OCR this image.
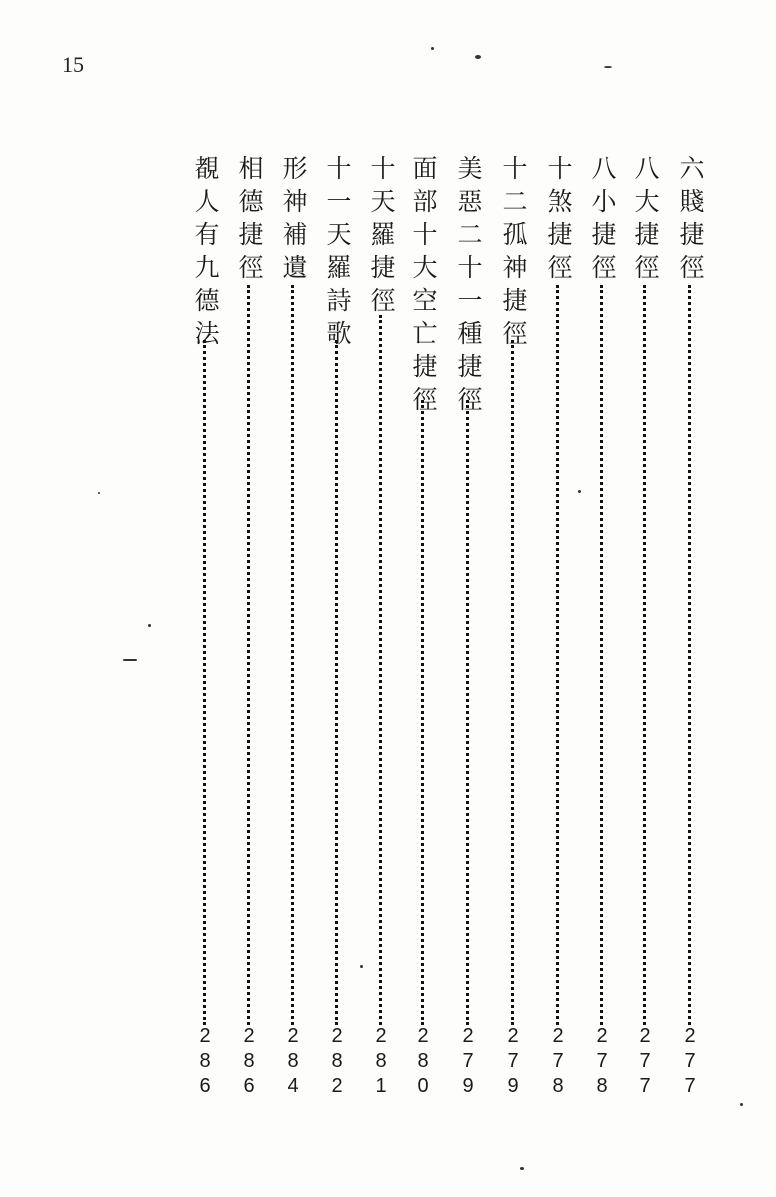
15
六賤捷徑
277
八大捷徑
277
八小捷徑
278
十煞捷徑
278
十二孤神捷徑
279
美惡二十一種捷徑
279
面部十大空亡捷徑
280
十天羅捷徑
281
十一天羅詩歌
282
形神補遺
284
相德捷徑
286
覩人有九德法
286
